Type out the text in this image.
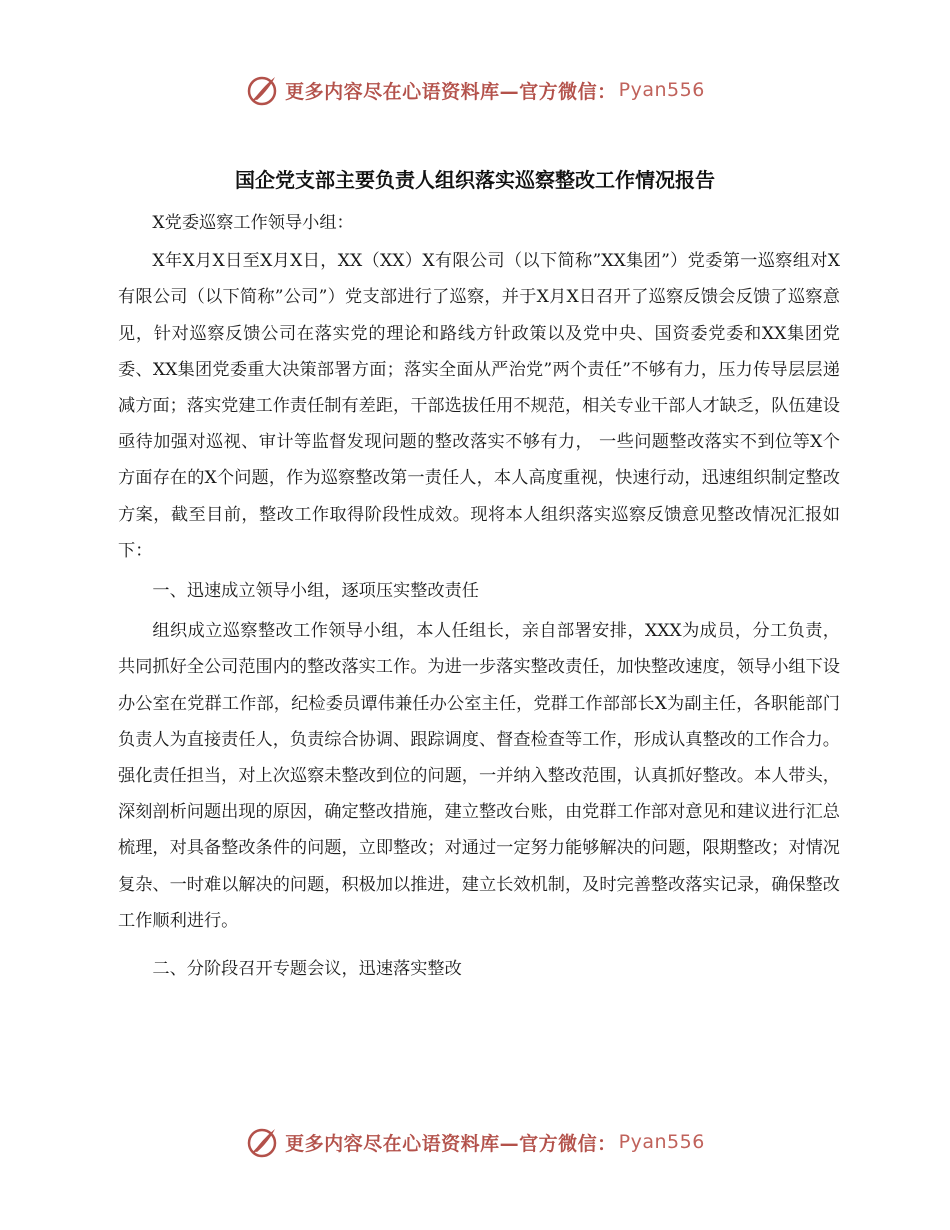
更多内容尽在心语资料库—官方微信： Pyan556
国企党支部主要负责人组织落实巡察整改工作情况报告

X党委巡察工作领导小组：

X年X月X日至X月X日，XX（XX）X有限公司（以下简称”XX集团”）党委第一巡察组对X有限公司（以下简称”公司”）党支部进行了巡察，并于X月X日召开了巡察反馈会反馈了巡察意见，针对巡察反馈公司在落实党的理论和路线方针政策以及党中央、国资委党委和XX集团党委、XX集团党委重大决策部署方面；落实全面从严治党”两个责任”不够有力，压力传导层层递减方面；落实党建工作责任制有差距，干部选拔任用不规范，相关专业干部人才缺乏，队伍建设亟待加强对巡视、审计等监督发现问题的整改落实不够有力， 一些问题整改落实不到位等X个方面存在的X个问题，作为巡察整改第一责任人，本人高度重视，快速行动，迅速组织制定整改方案，截至目前，整改工作取得阶段性成效。现将本人组织落实巡察反馈意见整改情况汇报如下：

一、迅速成立领导小组，逐项压实整改责任

组织成立巡察整改工作领导小组，本人任组长，亲自部署安排，XXX为成员，分工负责，共同抓好全公司范围内的整改落实工作。为进一步落实整改责任，加快整改速度，领导小组下设办公室在党群工作部，纪检委员谭伟兼任办公室主任，党群工作部部长X为副主任，各职能部门负责人为直接责任人，负责综合协调、跟踪调度、督查检查等工作，形成认真整改的工作合力。强化责任担当，对上次巡察未整改到位的问题，一并纳入整改范围，认真抓好整改。本人带头，深刻剖析问题出现的原因，确定整改措施，建立整改台账，由党群工作部对意见和建议进行汇总梳理，对具备整改条件的问题，立即整改；对通过一定努力能够解决的问题，限期整改；对情况复杂、一时难以解决的问题，积极加以推进，建立长效机制，及时完善整改落实记录，确保整改工作顺利进行。

二、分阶段召开专题会议，迅速落实整改

更多内容尽在心语资料库—官方微信： Pyan556
